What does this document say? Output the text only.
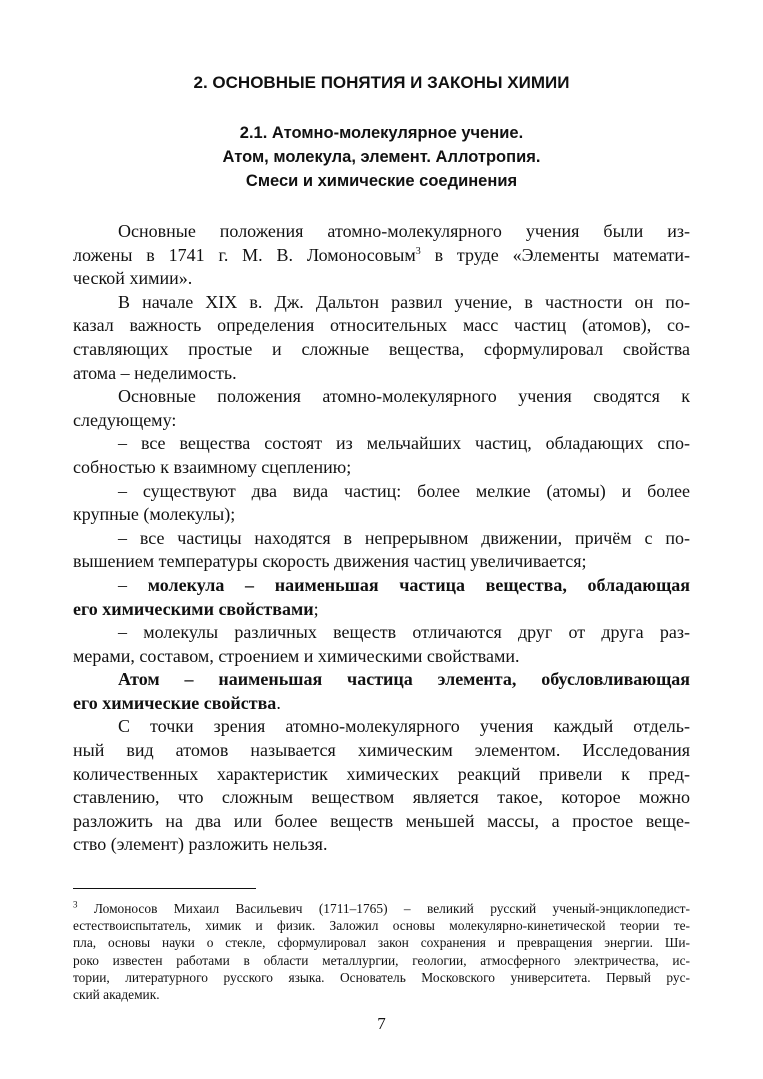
2. ОСНОВНЫЕ ПОНЯТИЯ И ЗАКОНЫ ХИМИИ
2.1. Атомно-молекулярное учение.
Атом, молекула, элемент. Аллотропия.
Смеси и химические соединения

Основные положения атомно-молекулярного учения были из-
ложены в 1741 г. М. В. Ломоносовым$^3$ в труде «Элементы математи-
ческой химии».

В начале XIX в. Дж. Дальтон развил учение, в частности он по-
казал важность определения относительных масс частиц (атомов), со-
ставляющих простые и сложные вещества, сформулировал свойства
атома – неделимость.

Основные положения атомно-молекулярного учения сводятся к
следующему:

– все вещества состоят из мельчайших частиц, обладающих спо-
собностью к взаимному сцеплению;

– существуют два вида частиц: более мелкие (атомы) и более
крупные (молекулы);

– все частицы находятся в непрерывном движении, причём с по-
вышением температуры скорость движения частиц увеличивается;

– молекула – наименьшая частица вещества, обладающая
его химическими свойствами;

– молекулы различных веществ отличаются друг от друга раз-
мерами, составом, строением и химическими свойствами.

Атом – наименьшая частица элемента, обусловливающая
его химические свойства.

С точки зрения атомно-молекулярного учения каждый отдель-
ный вид атомов называется химическим элементом. Исследования
количественных характеристик химических реакций привели к пред-
ставлению, что сложным веществом является такое, которое можно
разложить на два или более веществ меньшей массы, а простое веще-
ство (элемент) разложить нельзя.

$^3$ Ломоносов Михаил Васильевич (1711–1765) – великий русский ученый-энциклопедист-
естествоиспытатель, химик и физик. Заложил основы молекулярно-кинетической теории те-
пла, основы науки о стекле, сформулировал закон сохранения и превращения энергии. Ши-
роко известен работами в области металлургии, геологии, атмосферного электричества, ис-
тории, литературного русского языка. Основатель Московского университета. Первый рус-
ский академик.
7
